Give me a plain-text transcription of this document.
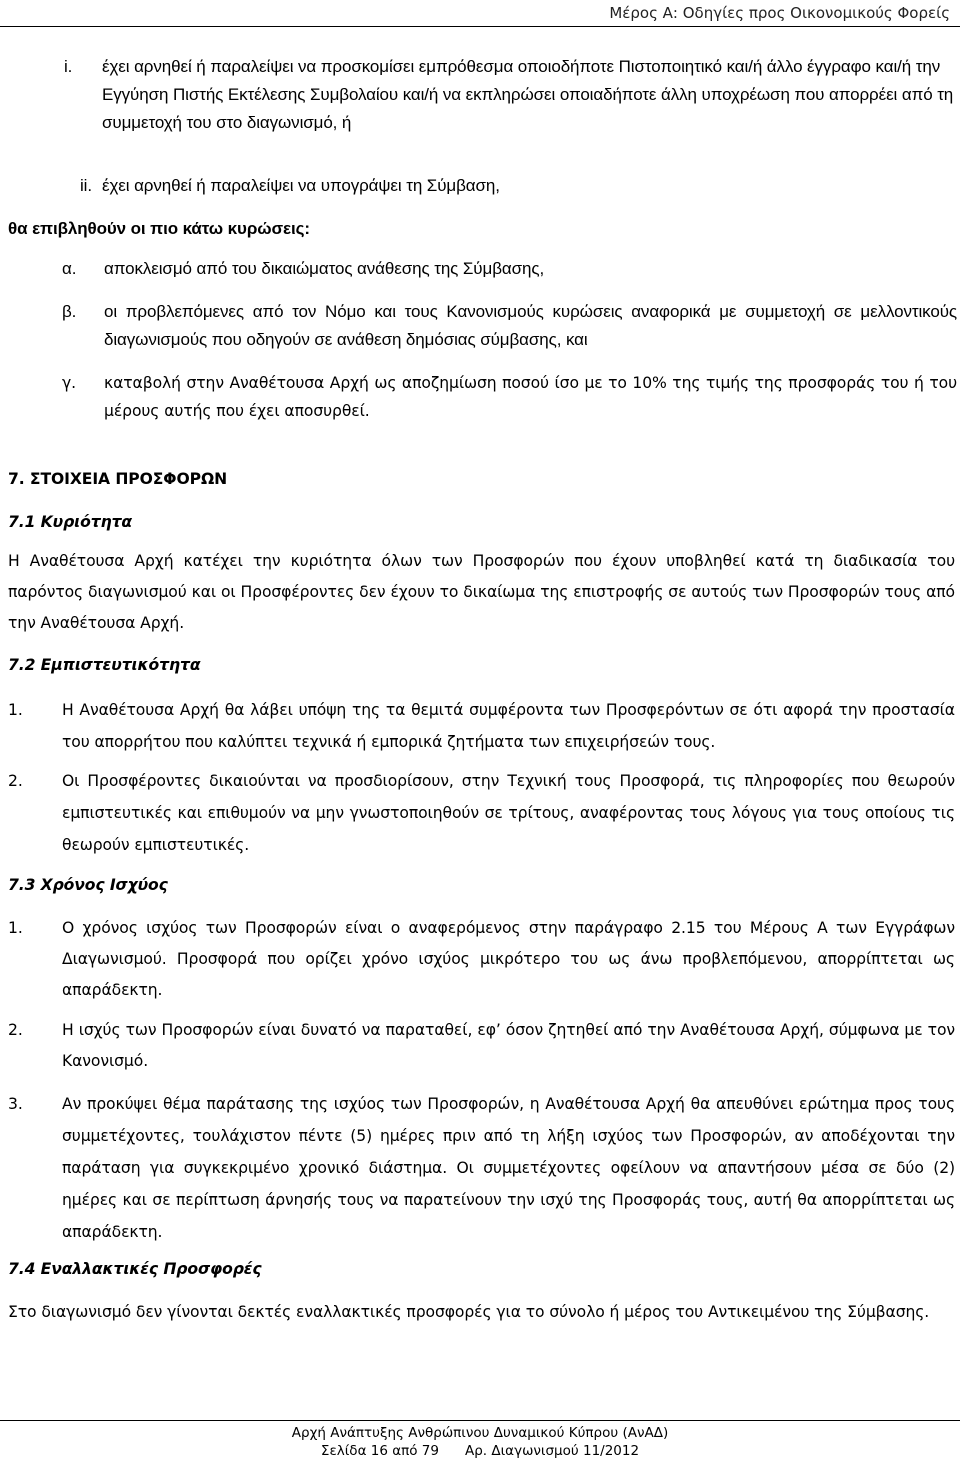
Μέρος Α: Οδηγίες προς Οικονομικούς Φορείς
i.	έχει αρνηθεί ή παραλείψει να προσκομίσει εμπρόθεσμα οποιοδήποτε Πιστοποιητικό και/ή άλλο έγγραφο και/ή την Εγγύηση Πιστής Εκτέλεσης Συμβολαίου και/ή να εκπληρώσει οποιαδήποτε άλλη υποχρέωση που απορρέει από τη συμμετοχή του στο διαγωνισμό, ή
ii. έχει αρνηθεί ή παραλείψει να υπογράψει τη Σύμβαση,
θα επιβληθούν οι πιο κάτω κυρώσεις:
α.	αποκλεισμό από του δικαιώματος ανάθεσης της Σύμβασης,
β.	οι προβλεπόμενες από τον Νόμο και τους Κανονισμούς κυρώσεις αναφορικά με συμμετοχή σε μελλοντικούς διαγωνισμούς που οδηγούν σε ανάθεση δημόσιας σύμβασης, και
γ.	καταβολή στην Αναθέτουσα Αρχή ως αποζημίωση ποσού ίσο με το 10% της τιμής της προσφοράς του ή του μέρους αυτής που έχει αποσυρθεί.
7. ΣΤΟΙΧΕΙΑ ΠΡΟΣΦΟΡΩΝ
7.1 Κυριότητα
Η Αναθέτουσα Αρχή κατέχει την κυριότητα όλων των Προσφορών που έχουν υποβληθεί κατά τη διαδικασία του παρόντος διαγωνισμού και οι Προσφέροντες δεν έχουν το δικαίωμα της επιστροφής σε αυτούς των Προσφορών τους από την Αναθέτουσα Αρχή.
7.2 Εμπιστευτικότητα
1.	Η Αναθέτουσα Αρχή θα λάβει υπόψη της τα θεμιτά συμφέροντα των Προσφερόντων σε ότι αφορά την προστασία του απορρήτου που καλύπτει τεχνικά ή εμπορικά ζητήματα των επιχειρήσεών τους.
2.	Οι Προσφέροντες δικαιούνται να προσδιορίσουν, στην Τεχνική τους Προσφορά, τις πληροφορίες που θεωρούν εμπιστευτικές και επιθυμούν να μην γνωστοποιηθούν σε τρίτους, αναφέροντας τους λόγους για τους οποίους τις θεωρούν εμπιστευτικές.
7.3 Χρόνος Ισχύος
1.	Ο χρόνος ισχύος των Προσφορών είναι ο αναφερόμενος στην παράγραφο 2.15 του Μέρους Α των Εγγράφων Διαγωνισμού. Προσφορά που ορίζει χρόνο ισχύος μικρότερο του ως άνω προβλεπόμενου, απορρίπτεται ως απαράδεκτη.
2.	Η ισχύς των Προσφορών είναι δυνατό να παραταθεί, εφ’ όσον ζητηθεί από την Αναθέτουσα Αρχή, σύμφωνα με τον Κανονισμό.
3.	Αν προκύψει θέμα παράτασης της ισχύος των Προσφορών, η Αναθέτουσα Αρχή θα απευθύνει ερώτημα προς τους συμμετέχοντες, τουλάχιστον πέντε (5) ημέρες πριν από τη λήξη ισχύος των Προσφορών, αν αποδέχονται την παράταση για συγκεκριμένο χρονικό διάστημα. Οι συμμετέχοντες οφείλουν να απαντήσουν μέσα σε δύο (2) ημέρες και σε περίπτωση άρνησής τους να παρατείνουν την ισχύ της Προσφοράς τους, αυτή θα απορρίπτεται ως απαράδεκτη.
7.4 Εναλλακτικές Προσφορές
Στο διαγωνισμό δεν γίνονται δεκτές εναλλακτικές προσφορές για το σύνολο ή μέρος του Αντικειμένου της Σύμβασης.
Αρχή Ανάπτυξης Ανθρώπινου Δυναμικού Κύπρου (ΑνΑΔ)
Σελίδα 16 από 79 Αρ. Διαγωνισμού 11/2012
